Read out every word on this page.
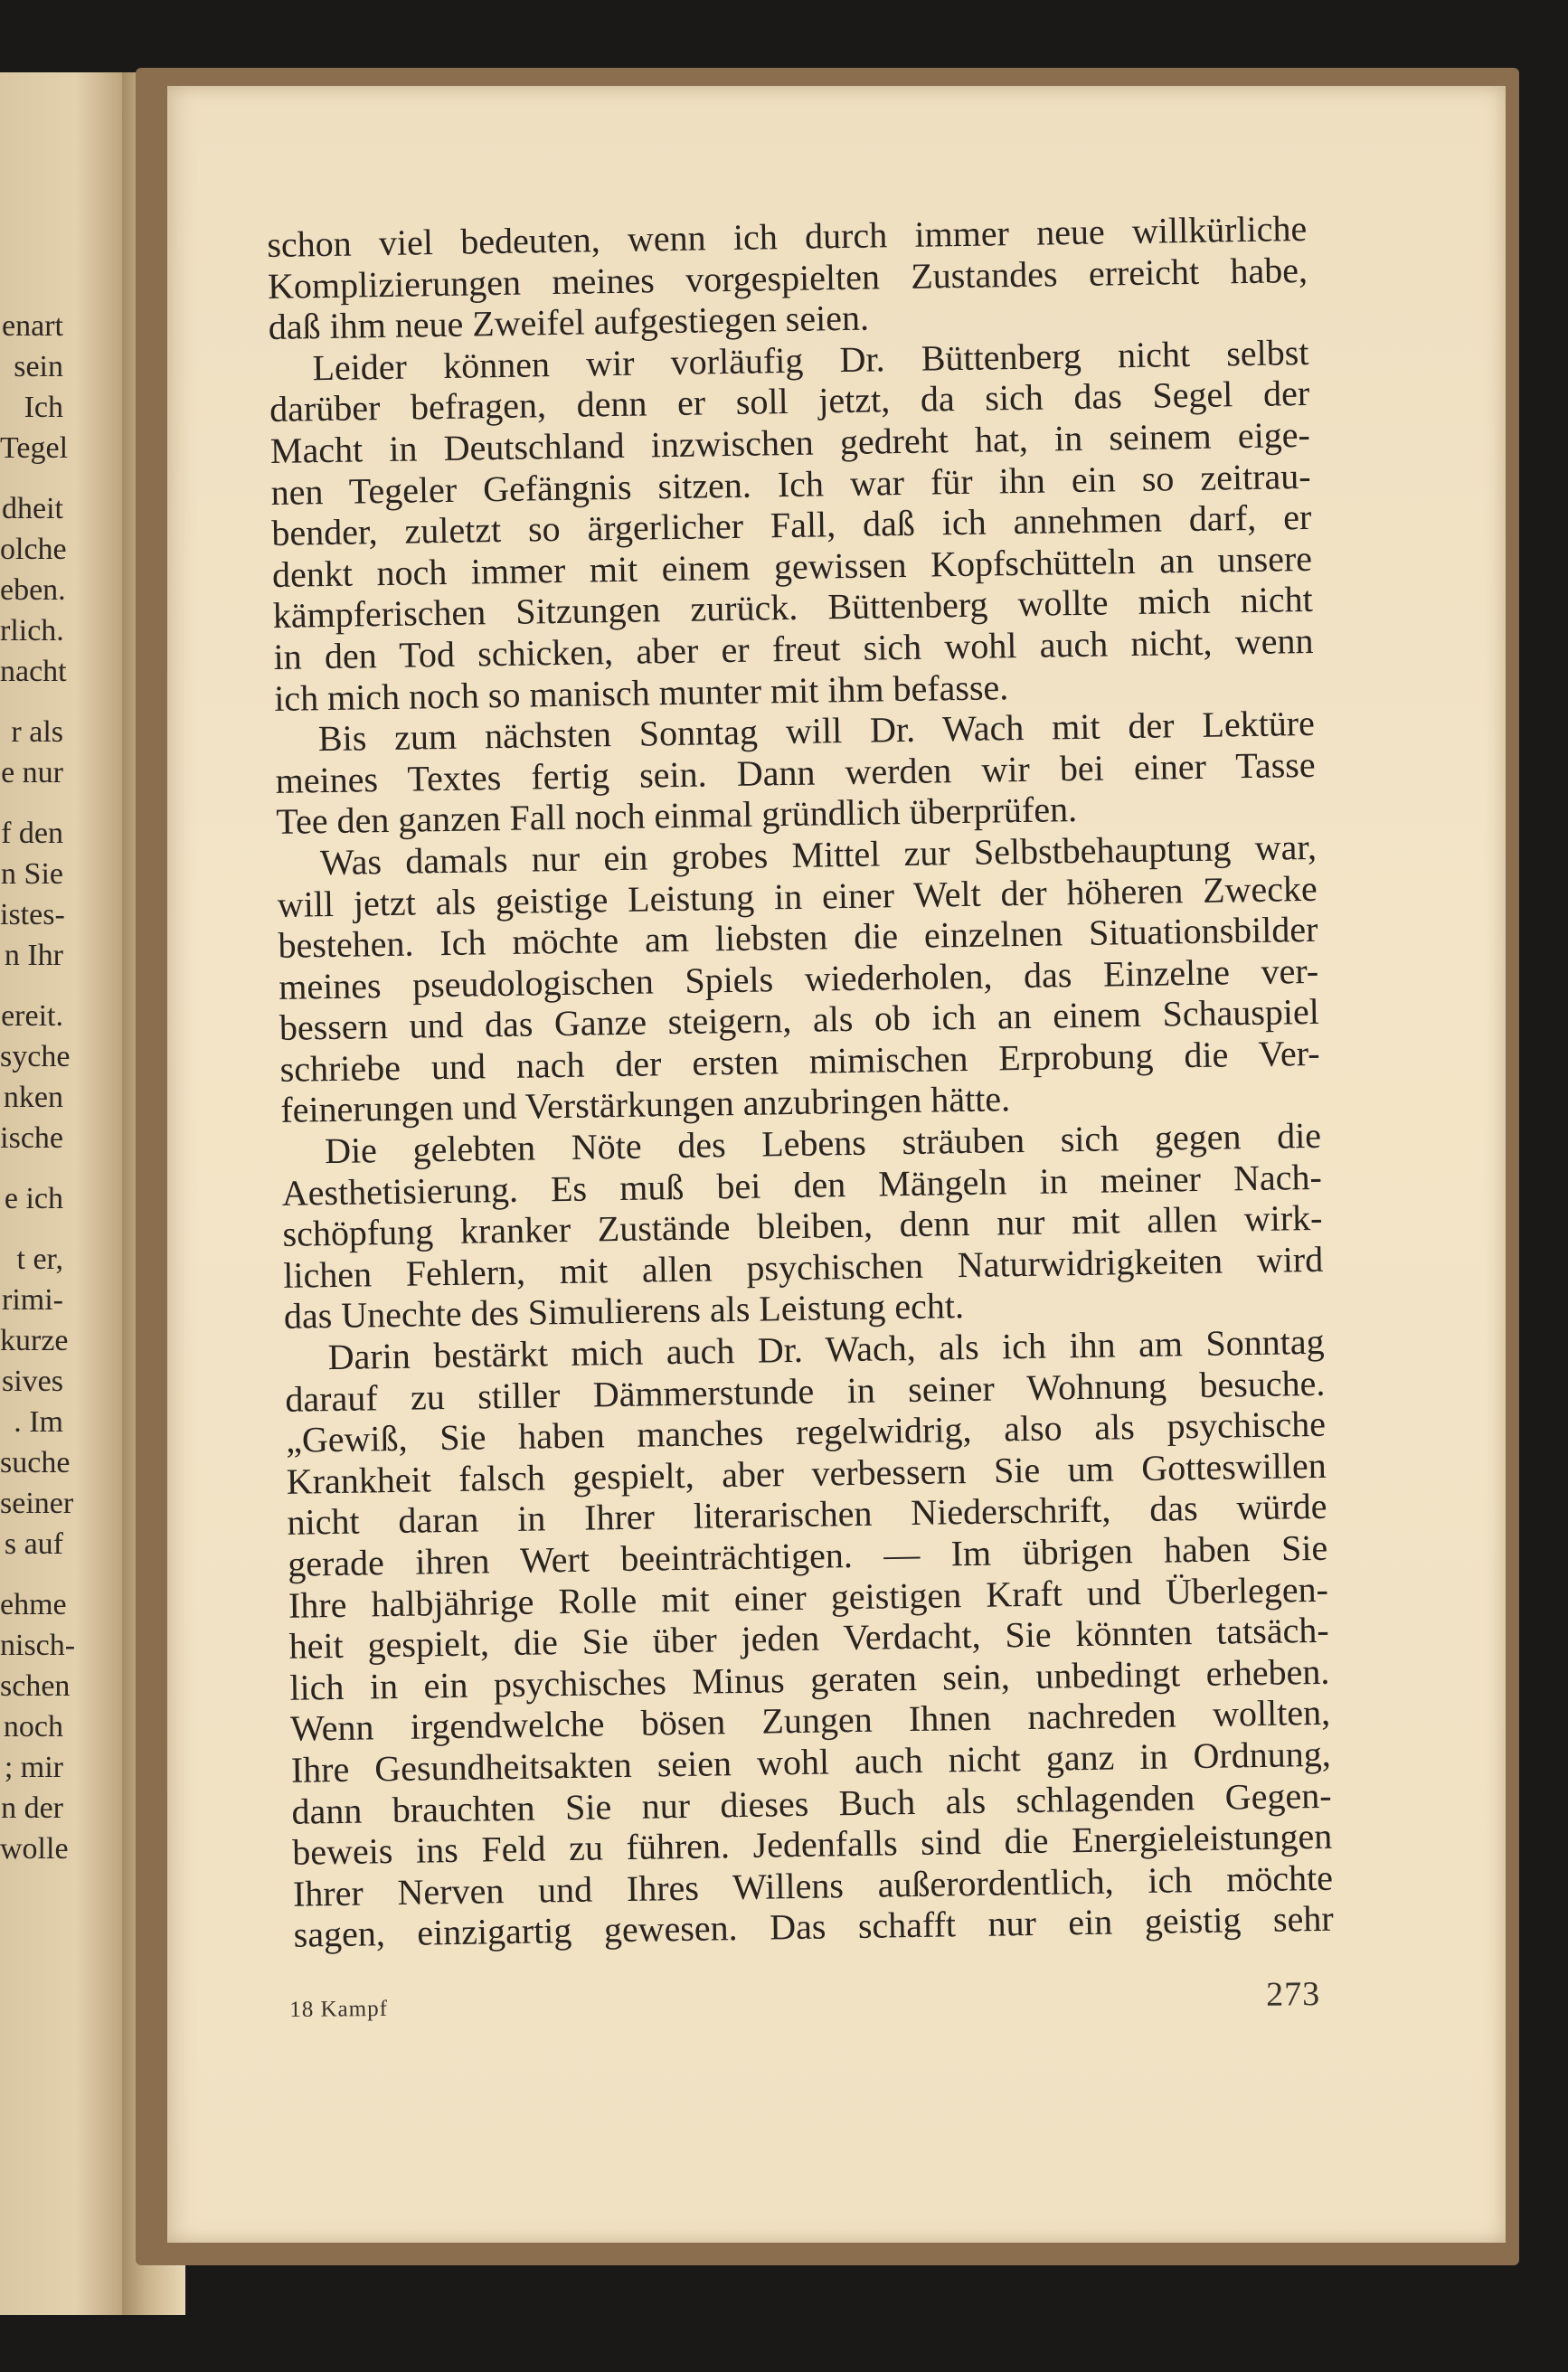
enart
sein
Ich
Tegel
dheit
olche
eben.
rlich.
nacht
r als
e nur
f den
n Sie
istes-
n Ihr
ereit.
syche
nken
ische
e ich
t er,
rimi-
kurze
sives
. Im
suche
seiner
s auf
ehme
nisch-
schen
noch
; mir
n der
wolle

schon viel bedeuten, wenn ich durch immer neue willkürliche

Komplizierungen meines vorgespielten Zustandes erreicht habe,

daß ihm neue Zweifel aufgestiegen seien.

Leider können wir vorläufig Dr. Büttenberg nicht selbst

darüber befragen, denn er soll jetzt, da sich das Segel der

Macht in Deutschland inzwischen gedreht hat, in seinem eige-

nen Tegeler Gefängnis sitzen. Ich war für ihn ein so zeitrau-

bender, zuletzt so ärgerlicher Fall, daß ich annehmen darf, er

denkt noch immer mit einem gewissen Kopfschütteln an unsere

kämpferischen Sitzungen zurück. Büttenberg wollte mich nicht

in den Tod schicken, aber er freut sich wohl auch nicht, wenn

ich mich noch so manisch munter mit ihm befasse.

Bis zum nächsten Sonntag will Dr. Wach mit der Lektüre

meines Textes fertig sein. Dann werden wir bei einer Tasse

Tee den ganzen Fall noch einmal gründlich überprüfen.

Was damals nur ein grobes Mittel zur Selbstbehauptung war,

will jetzt als geistige Leistung in einer Welt der höheren Zwecke

bestehen. Ich möchte am liebsten die einzelnen Situationsbilder

meines pseudologischen Spiels wiederholen, das Einzelne ver-

bessern und das Ganze steigern, als ob ich an einem Schauspiel

schriebe und nach der ersten mimischen Erprobung die Ver-

feinerungen und Verstärkungen anzubringen hätte.

Die gelebten Nöte des Lebens sträuben sich gegen die

Aesthetisierung. Es muß bei den Mängeln in meiner Nach-

schöpfung kranker Zustände bleiben, denn nur mit allen wirk-

lichen Fehlern, mit allen psychischen Naturwidrigkeiten wird

das Unechte des Simulierens als Leistung echt.

Darin bestärkt mich auch Dr. Wach, als ich ihn am Sonntag

darauf zu stiller Dämmerstunde in seiner Wohnung besuche.

„Gewiß, Sie haben manches regelwidrig, also als psychische

Krankheit falsch gespielt, aber verbessern Sie um Gotteswillen

nicht daran in Ihrer literarischen Niederschrift, das würde

gerade ihren Wert beeinträchtigen. — Im übrigen haben Sie

Ihre halbjährige Rolle mit einer geistigen Kraft und Überlegen-

heit gespielt, die Sie über jeden Verdacht, Sie könnten tatsäch-

lich in ein psychisches Minus geraten sein, unbedingt erheben.

Wenn irgendwelche bösen Zungen Ihnen nachreden wollten,

Ihre Gesundheitsakten seien wohl auch nicht ganz in Ordnung,

dann brauchten Sie nur dieses Buch als schlagenden Gegen-

beweis ins Feld zu führen. Jedenfalls sind die Energieleistungen

Ihrer Nerven und Ihres Willens außerordentlich, ich möchte

sagen, einzigartig gewesen. Das schafft nur ein geistig sehr

18 Kampf	273
